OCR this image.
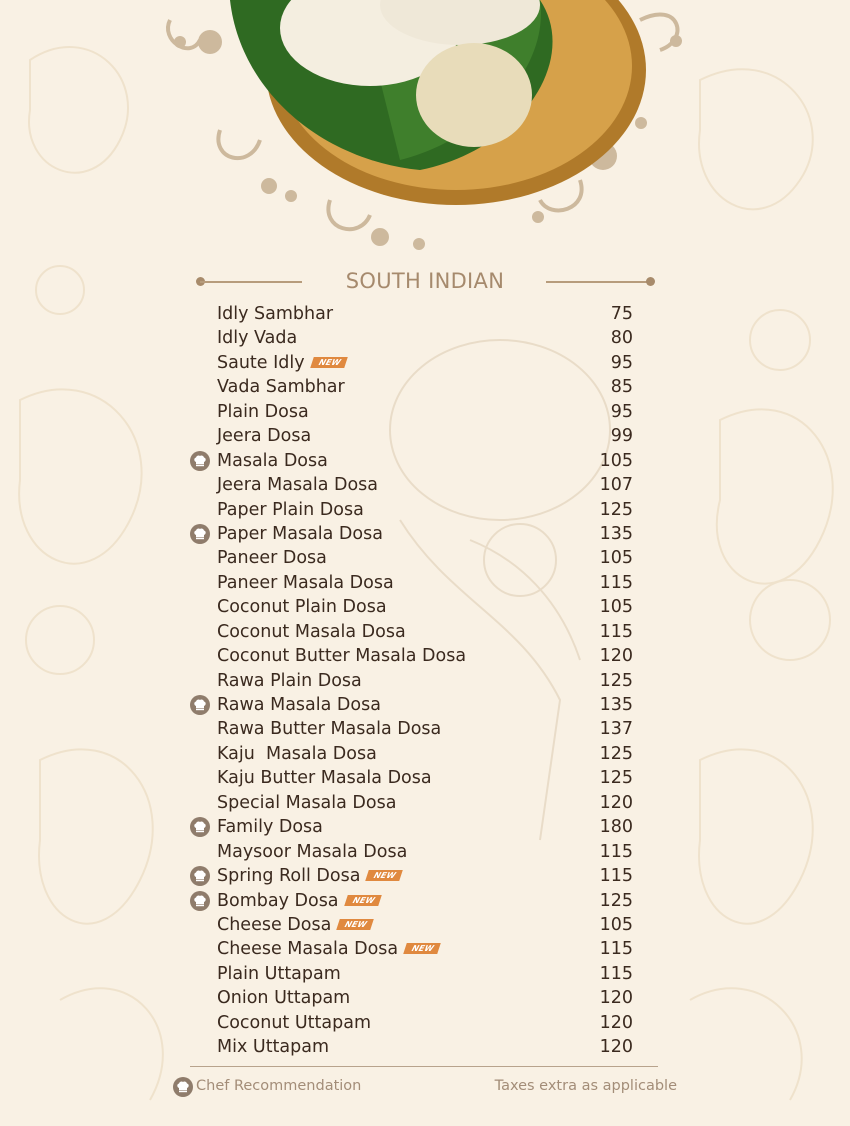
SOUTH INDIAN
Idly Sambhar	75
Idly Vada	80
Saute Idly NEW	95
Vada Sambhar	85
Plain Dosa	95
Jeera Dosa	99
Masala Dosa	105
Jeera Masala Dosa	107
Paper Plain Dosa	125
Paper Masala Dosa	135
Paneer Dosa	105
Paneer Masala Dosa	115
Coconut Plain Dosa	105
Coconut Masala Dosa	115
Coconut Butter Masala Dosa	120
Rawa Plain Dosa	125
Rawa Masala Dosa	135
Rawa Butter Masala Dosa	137
Kaju  Masala Dosa	125
Kaju Butter Masala Dosa	125
Special Masala Dosa	120
Family Dosa	180
Maysoor Masala Dosa	115
Spring Roll Dosa NEW	115
Bombay Dosa NEW	125
Cheese Dosa NEW	105
Cheese Masala Dosa NEW	115
Plain Uttapam	115
Onion Uttapam	120
Coconut Uttapam	120
Mix Uttapam	120
Chef Recommendation	Taxes extra as applicable
